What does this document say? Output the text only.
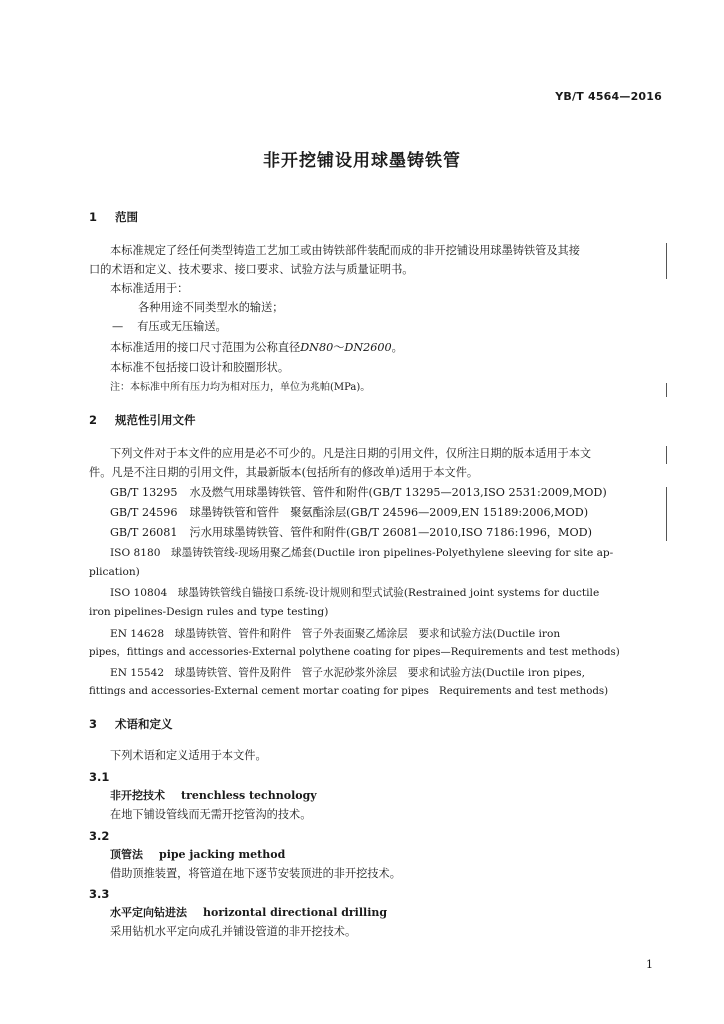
YB/T 4564—2016
非开挖铺设用球墨铸铁管
1 范围
本标准规定了经任何类型铸造工艺加工或由铸铁部件装配而成的非开挖铺设用球墨铸铁管及其接
口的术语和定义、技术要求、接口要求、试验方法与质量证明书。
本标准适用于：
各种用途不同类型水的输送；
— 有压或无压输送。
本标准适用的接口尺寸范围为公称直径DN80～DN2600。
本标准不包括接口设计和胶圈形状。
注：本标准中所有压力均为相对压力，单位为兆帕(MPa)。
2 规范性引用文件
下列文件对于本文件的应用是必不可少的。凡是注日期的引用文件，仅所注日期的版本适用于本文
件。凡是不注日期的引用文件，其最新版本(包括所有的修改单)适用于本文件。
GB/T 13295 水及燃气用球墨铸铁管、管件和附件(GB/T 13295—2013,ISO 2531:2009,MOD)
GB/T 24596 球墨铸铁管和管件　聚氨酯涂层(GB/T 24596—2009,EN 15189:2006,MOD)
GB/T 26081 污水用球墨铸铁管、管件和附件(GB/T 26081—2010,ISO 7186:1996，MOD)
ISO 8180　球墨铸铁管线-现场用聚乙烯套(Ductile iron pipelines-Polyethylene sleeving for site ap-
plication)
ISO 10804　球墨铸铁管线自锚接口系统-设计规则和型式试验(Restrained joint systems for ductile
iron pipelines-Design rules and type testing)
EN 14628　球墨铸铁管、管件和附件　管子外表面聚乙烯涂层　要求和试验方法(Ductile iron
pipes，fittings and accessories-External polythene coating for pipes—Requirements and test methods)
EN 15542　球墨铸铁管、管件及附件　管子水泥砂浆外涂层　要求和试验方法(Ductile iron pipes,
fittings and accessories-External cement mortar coating for pipes　Requirements and test methods)
3 术语和定义
下列术语和定义适用于本文件。
3.1
非开挖技术 trenchless technology
在地下铺设管线而无需开挖管沟的技术。
3.2
顶管法 pipe jacking method
借助顶推装置，将管道在地下逐节安装顶进的非开挖技术。
3.3
水平定向钻进法 horizontal directional drilling
采用钻机水平定向成孔并铺设管道的非开挖技术。
1
